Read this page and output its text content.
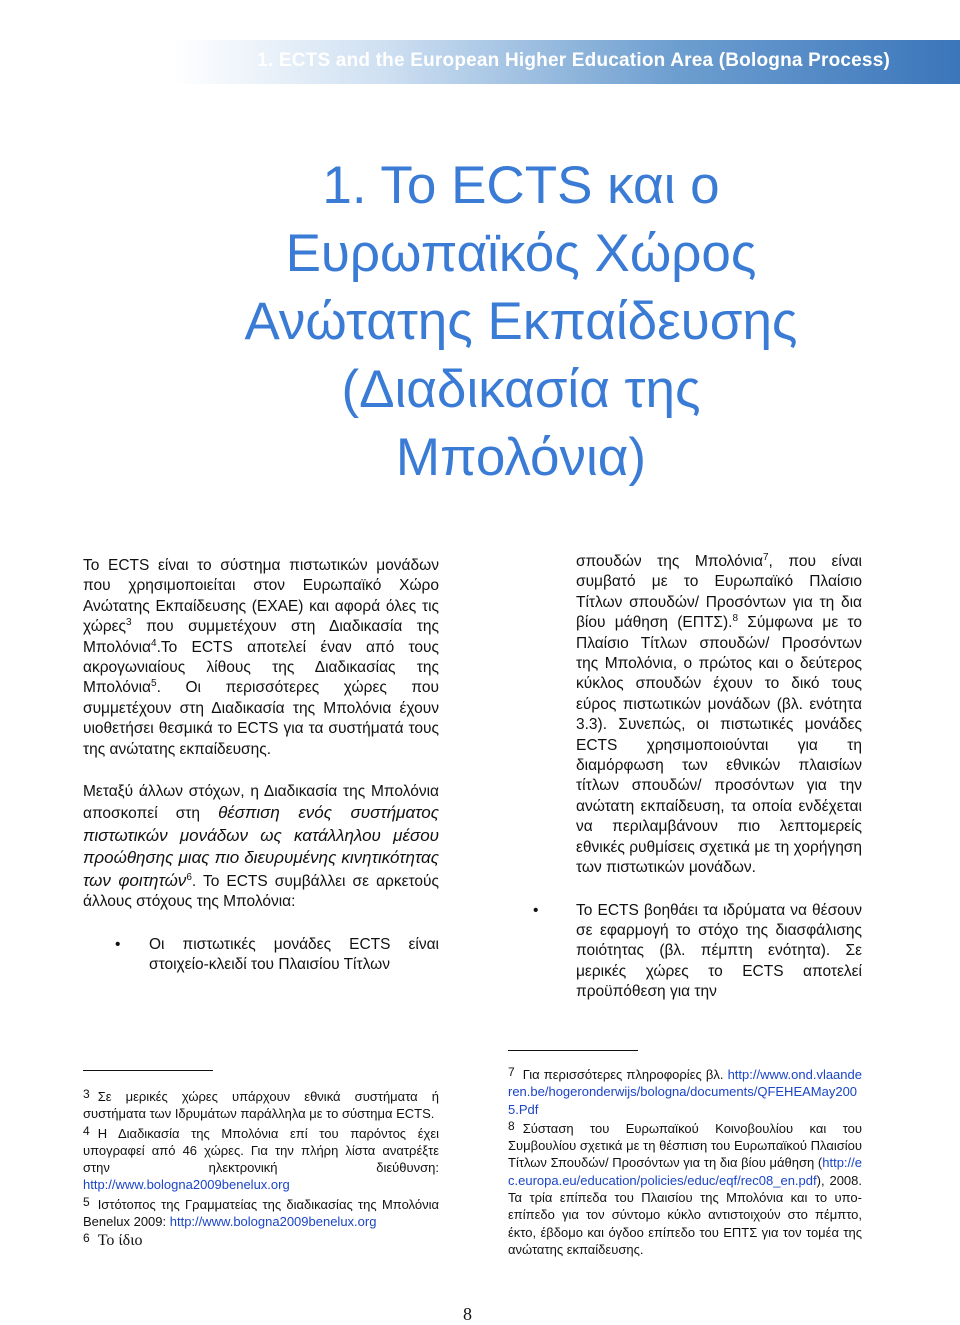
1. ECTS and the European Higher Education Area (Bologna Process)
1. Το ECTS και ο
Ευρωπαϊκός Χώρος
Ανώτατης Εκπαίδευσης
(Διαδικασία της
Μπολόνια)

Το ECTS είναι το σύστημα πιστωτικών μονάδων που χρησιμοποιείται στον Ευρωπαϊκό Χώρο Ανώτατης Εκπαίδευσης (ΕΧΑΕ) και αφορά όλες τις χώρες$^3$ που συμμετέχουν στη Διαδικασία της Μπολόνια$^4$.Το ECTS αποτελεί έναν από τους ακρογωνιαίους λίθους της Διαδικασίας της Μπολόνια$^5$. Οι περισσότερες χώρες που συμμετέχουν στη Διαδικασία της Μπολόνια έχουν υιοθετήσει θεσμικά το ECTS για τα συστήματά τους της ανώτατης εκπαίδευσης.

Μεταξύ άλλων στόχων, η Διαδικασία της Μπολόνια αποσκοπεί στη θέσπιση ενός συστήματος πιστωτικών μονάδων ως κατάλληλου μέσου προώθησης μιας πιο διευρυμένης κινητικότητας των φοιτητών$^6$. Το ECTS συμβάλλει σε αρκετούς άλλους στόχους της Μπολόνια:

• Οι πιστωτικές μονάδες ECTS είναι στοιχείο-κλειδί του Πλαισίου Τίτλων

σπουδών της Μπολόνια$^7$, που είναι συμβατό με το Ευρωπαϊκό Πλαίσιο Τίτλων σπουδών/ Προσόντων για τη δια βίου μάθηση (ΕΠΤΣ).$^8$ Σύμφωνα με το Πλαίσιο Τίτλων σπουδών/ Προσόντων της Μπολόνια, ο πρώτος και ο δεύτερος κύκλος σπουδών έχουν το δικό τους εύρος πιστωτικών μονάδων (βλ. ενότητα 3.3). Συνεπώς, οι πιστωτικές μονάδες ECTS χρησιμοποιούνται για τη διαμόρφωση των εθνικών πλαισίων τίτλων σπουδών/ προσόντων για την ανώτατη εκπαίδευση, τα οποία ενδέχεται να περιλαμβάνουν πιο λεπτομερείς εθνικές ρυθμίσεις σχετικά με τη χορήγηση των πιστωτικών μονάδων.

• Το ECTS βοηθάει τα ιδρύματα να θέσουν σε εφαρμογή το στόχο της διασφάλισης ποιότητας (βλ. πέμπτη ενότητα). Σε μερικές χώρες το ECTS αποτελεί προϋπόθεση για την

3 Σε μερικές χώρες υπάρχουν εθνικά συστήματα ή συστήματα των Ιδρυμάτων παράλληλα με το σύστημα ECTS.

4 Η Διαδικασία της Μπολόνια επί του παρόντος έχει υπογραφεί από 46 χώρες. Για την πλήρη λίστα ανατρέξτε στην ηλεκτρονική διεύθυνση: http://www.bologna2009benelux.org

5 Ιστότοπος της Γραμματείας της διαδικασίας της Μπολόνια Benelux 2009: http://www.bologna2009benelux.org

6 Το ίδιο

7 Για περισσότερες πληροφορίες βλ. http://www.ond.vlaanderen.be/hogeronderwijs/bologna/documents/QFEHEAMay2005.Pdf

8 Σύσταση του Ευρωπαϊκού Κοινοβουλίου και του Συμβουλίου σχετικά με τη θέσπιση του Ευρωπαϊκού Πλαισίου Τίτλων Σπουδών/ Προσόντων για τη δια βίου μάθηση (http://ec.europa.eu/education/policies/educ/eqf/rec08_en.pdf), 2008. Τα τρία επίπεδα του Πλαισίου της Μπολόνια και το υπο-επίπεδο για τον σύντομο κύκλο αντιστοιχούν στο πέμπτο, έκτο, έβδομο και όγδοο επίπεδο του ΕΠΤΣ για τον τομέα της ανώτατης εκπαίδευσης.

8
